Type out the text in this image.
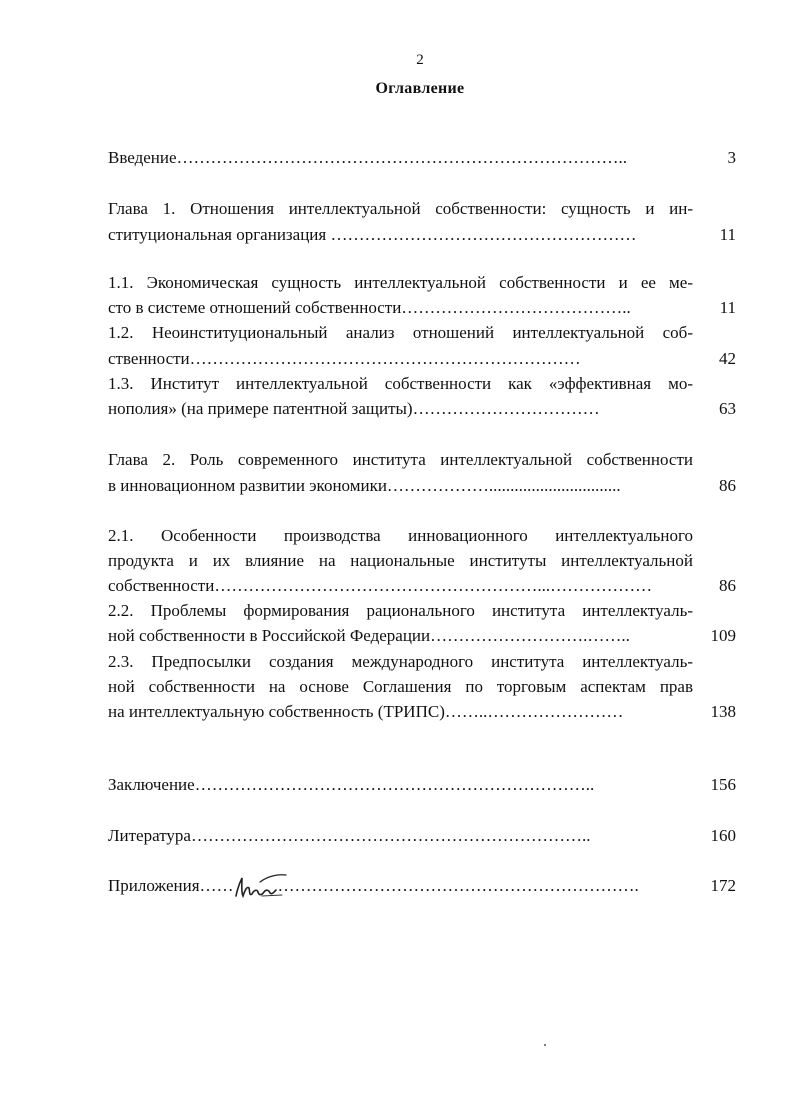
2
Оглавление
Введение……………………………………………………………………..	3
Глава 1. Отношения интеллектуальной собственности: сущность и ин-
ституциональная организация ………………………………………………	11
1.1. Экономическая сущность интеллектуальной собственности и ее ме-
сто в системе отношений собственности…………………………………..	11
1.2. Неоинституциональный анализ отношений интеллектуальной соб-
ственности……………………………………………………………	42
1.3. Институт интеллектуальной собственности как «эффективная мо-
нополия» (на примере патентной защиты)……………………………	63
Глава 2. Роль современного института интеллектуальной собственности
в инновационном развитии экономики………………...............................	86
2.1. Особенности производства инновационного интеллектуального
продукта и их влияние на национальные институты интеллектуальной
собственности…………………………………………………...………………	86
2.2. Проблемы формирования рационального института интеллектуаль-
ной собственности в Российской Федерации……………………….……..	109
2.3. Предпосылки создания международного института интеллектуаль-
ной собственности на основе Соглашения по торговым аспектам прав
на интеллектуальную собственность (ТРИПС)……..……………………	138
Заключение……………………………………………………………..	156
Литература……………………………………………………………..	160
Приложения……	……………………………………………………….	172
